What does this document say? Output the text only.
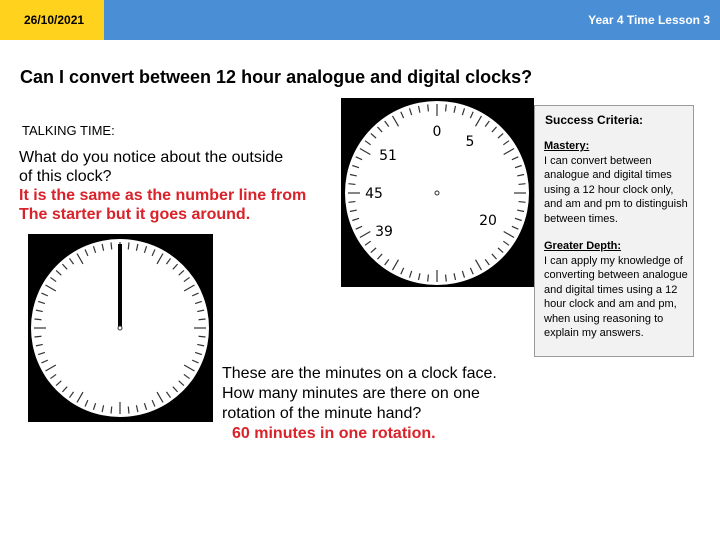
26/10/2021	Year 4 Time Lesson 3
Can I convert between 12 hour analogue and digital clocks?
TALKING TIME:
What do you notice about the outside
of this clock?
It is the same as the number line from
The starter but it goes around.
0
5
20
39
45
51
These are the minutes on a clock face.
How many minutes are there on one
rotation of the minute hand?
60 minutes in one rotation.
Success Criteria:
Mastery:
I can convert between analogue and digital times using a 12 hour clock only, and am and pm to distinguish between times.
Greater Depth:
I can apply my knowledge of converting between analogue and digital times using a 12 hour clock and am and pm, when using reasoning to explain my answers.
